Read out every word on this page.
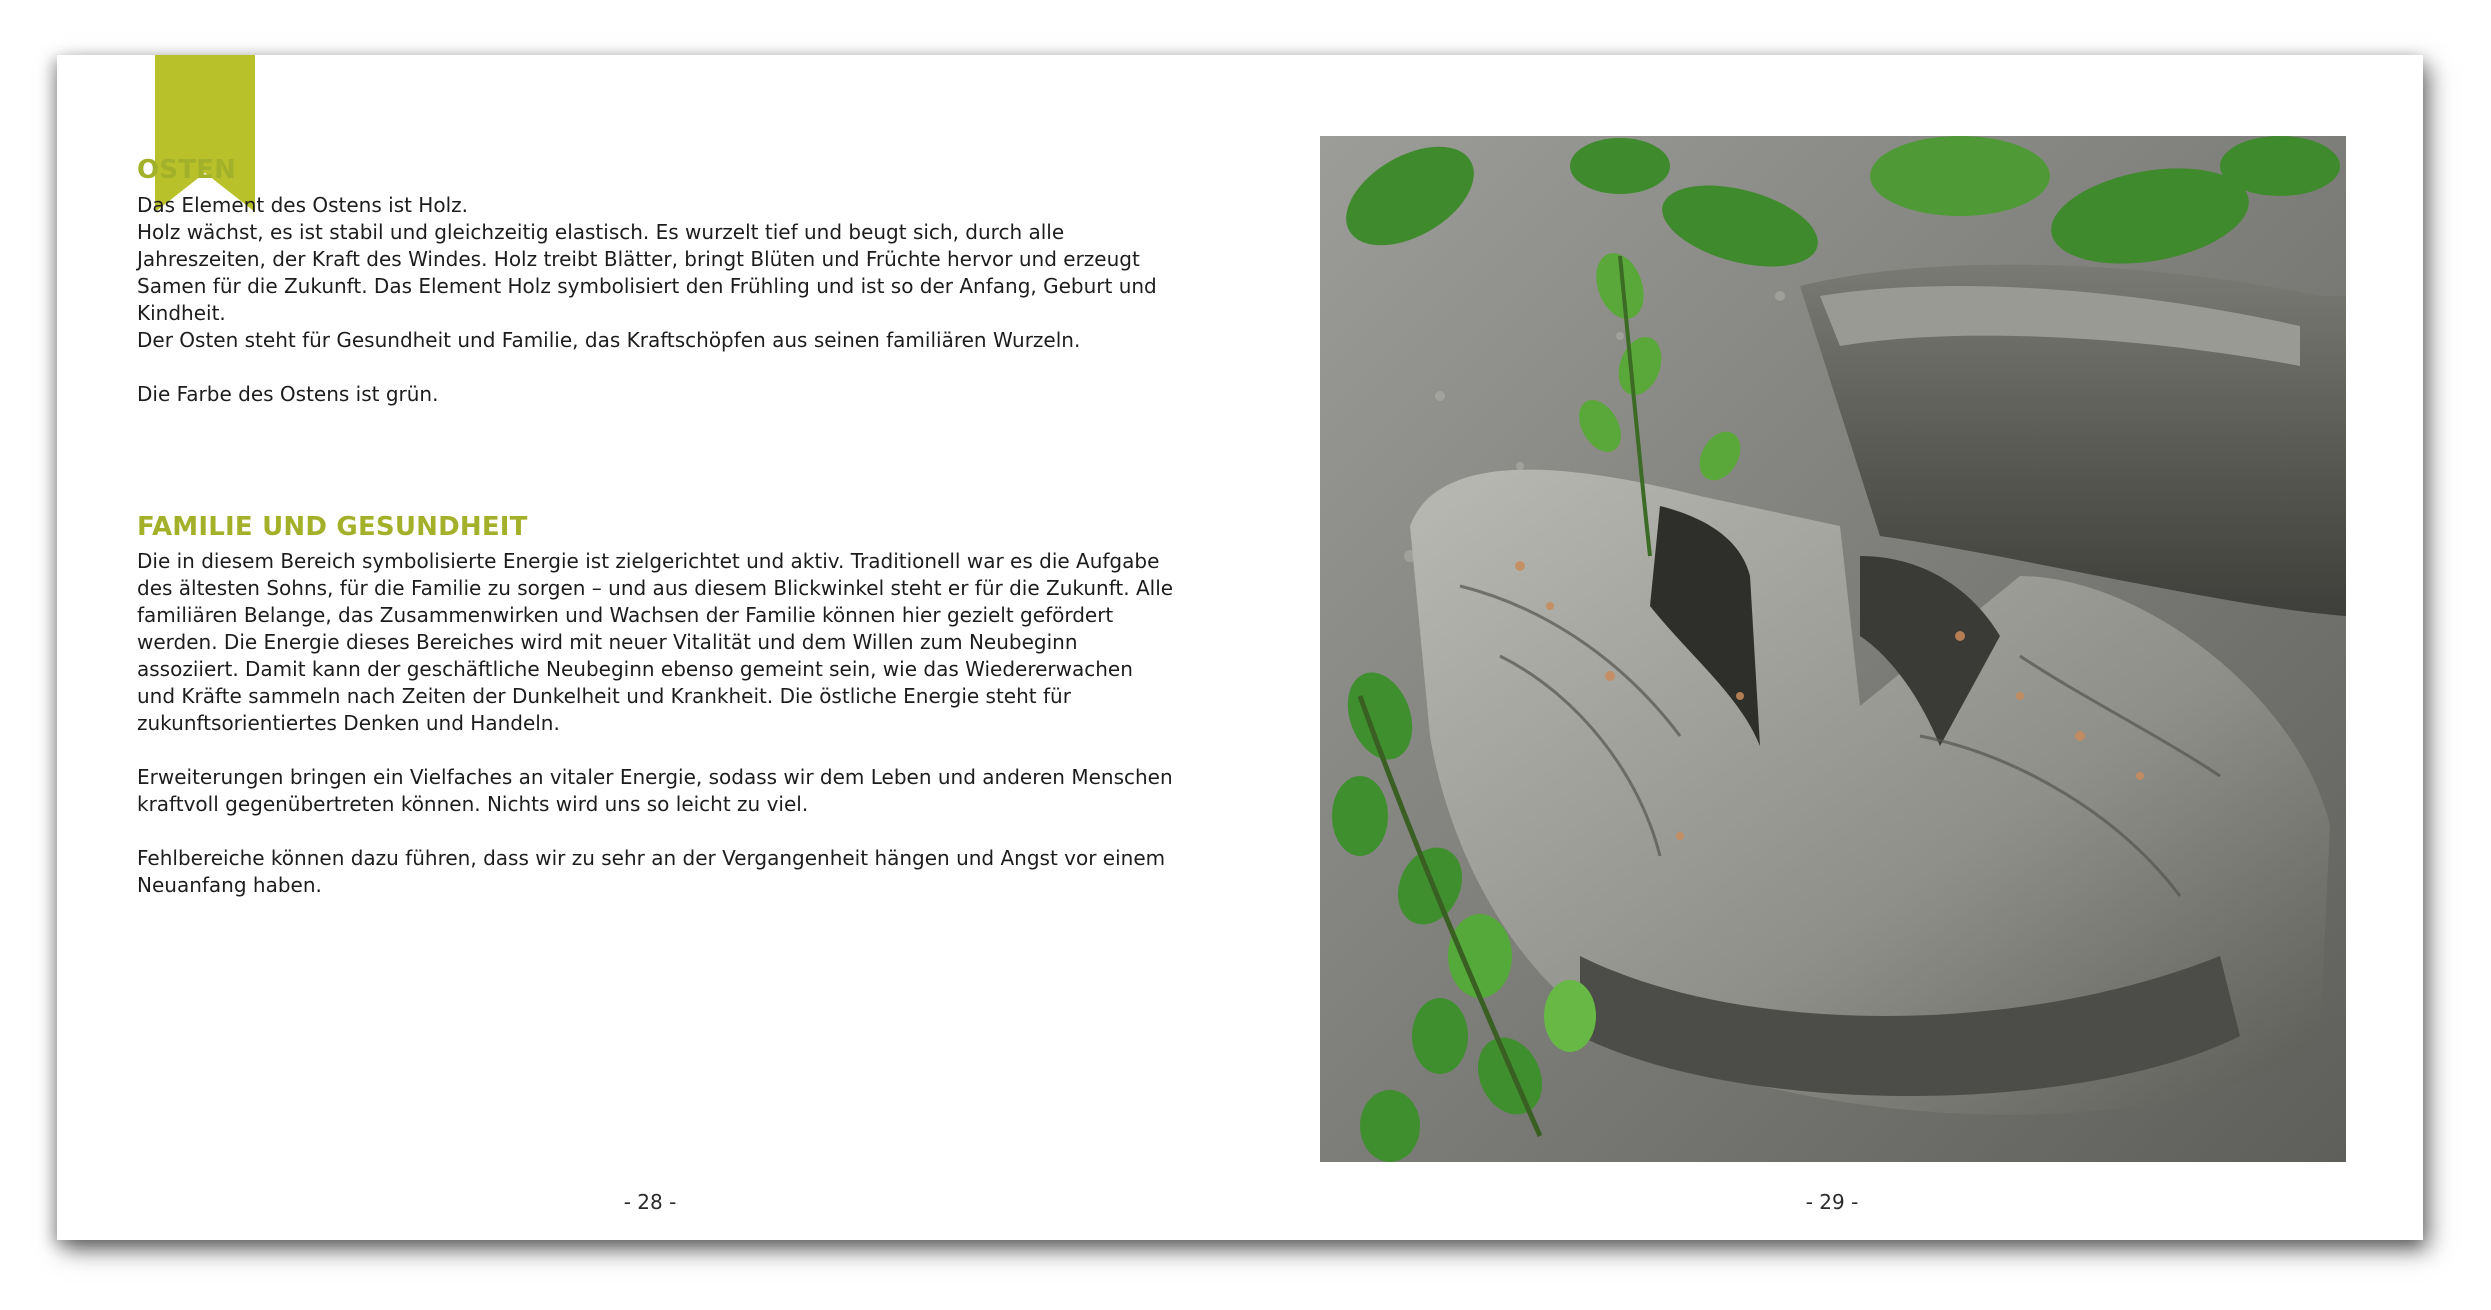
OSTEN

Das Element des Ostens ist Holz.
Holz wächst, es ist stabil und gleichzeitig elastisch. Es wurzelt tief und beugt sich, durch alle Jahreszeiten, der Kraft des Windes. Holz treibt Blätter, bringt Blüten und Früchte hervor und erzeugt Samen für die Zukunft. Das Element Holz symbolisiert den Frühling und ist so der Anfang, Geburt und Kindheit.

Der Osten steht für Gesundheit und Familie, das Kraftschöpfen aus seinen familiären Wurzeln.

Die Farbe des Ostens ist grün.

FAMILIE UND GESUNDHEIT

Die in diesem Bereich symbolisierte Energie ist zielgerichtet und aktiv. Traditionell war es die Aufgabe des ältesten Sohns, für die Familie zu sorgen – und aus diesem Blickwinkel steht er für die Zukunft. Alle familiären Belange, das Zusammenwirken und Wachsen der Familie können hier gezielt gefördert werden. Die Energie dieses Bereiches wird mit neuer Vitalität und dem Willen zum Neubeginn assoziiert. Damit kann der geschäftliche Neubeginn ebenso gemeint sein, wie das Wiedererwachen und Kräfte sammeln nach Zeiten der Dunkelheit und Krankheit. Die östliche Energie steht für zukunftsorientiertes Denken und Handeln.

Erweiterungen bringen ein Vielfaches an vitaler Energie, sodass wir dem Leben und anderen Menschen kraftvoll gegenübertreten können. Nichts wird uns so leicht zu viel.

Fehlbereiche können dazu führen, dass wir zu sehr an der Vergangenheit hängen und Angst vor einem Neuanfang haben.

- 28 -	- 29 -
